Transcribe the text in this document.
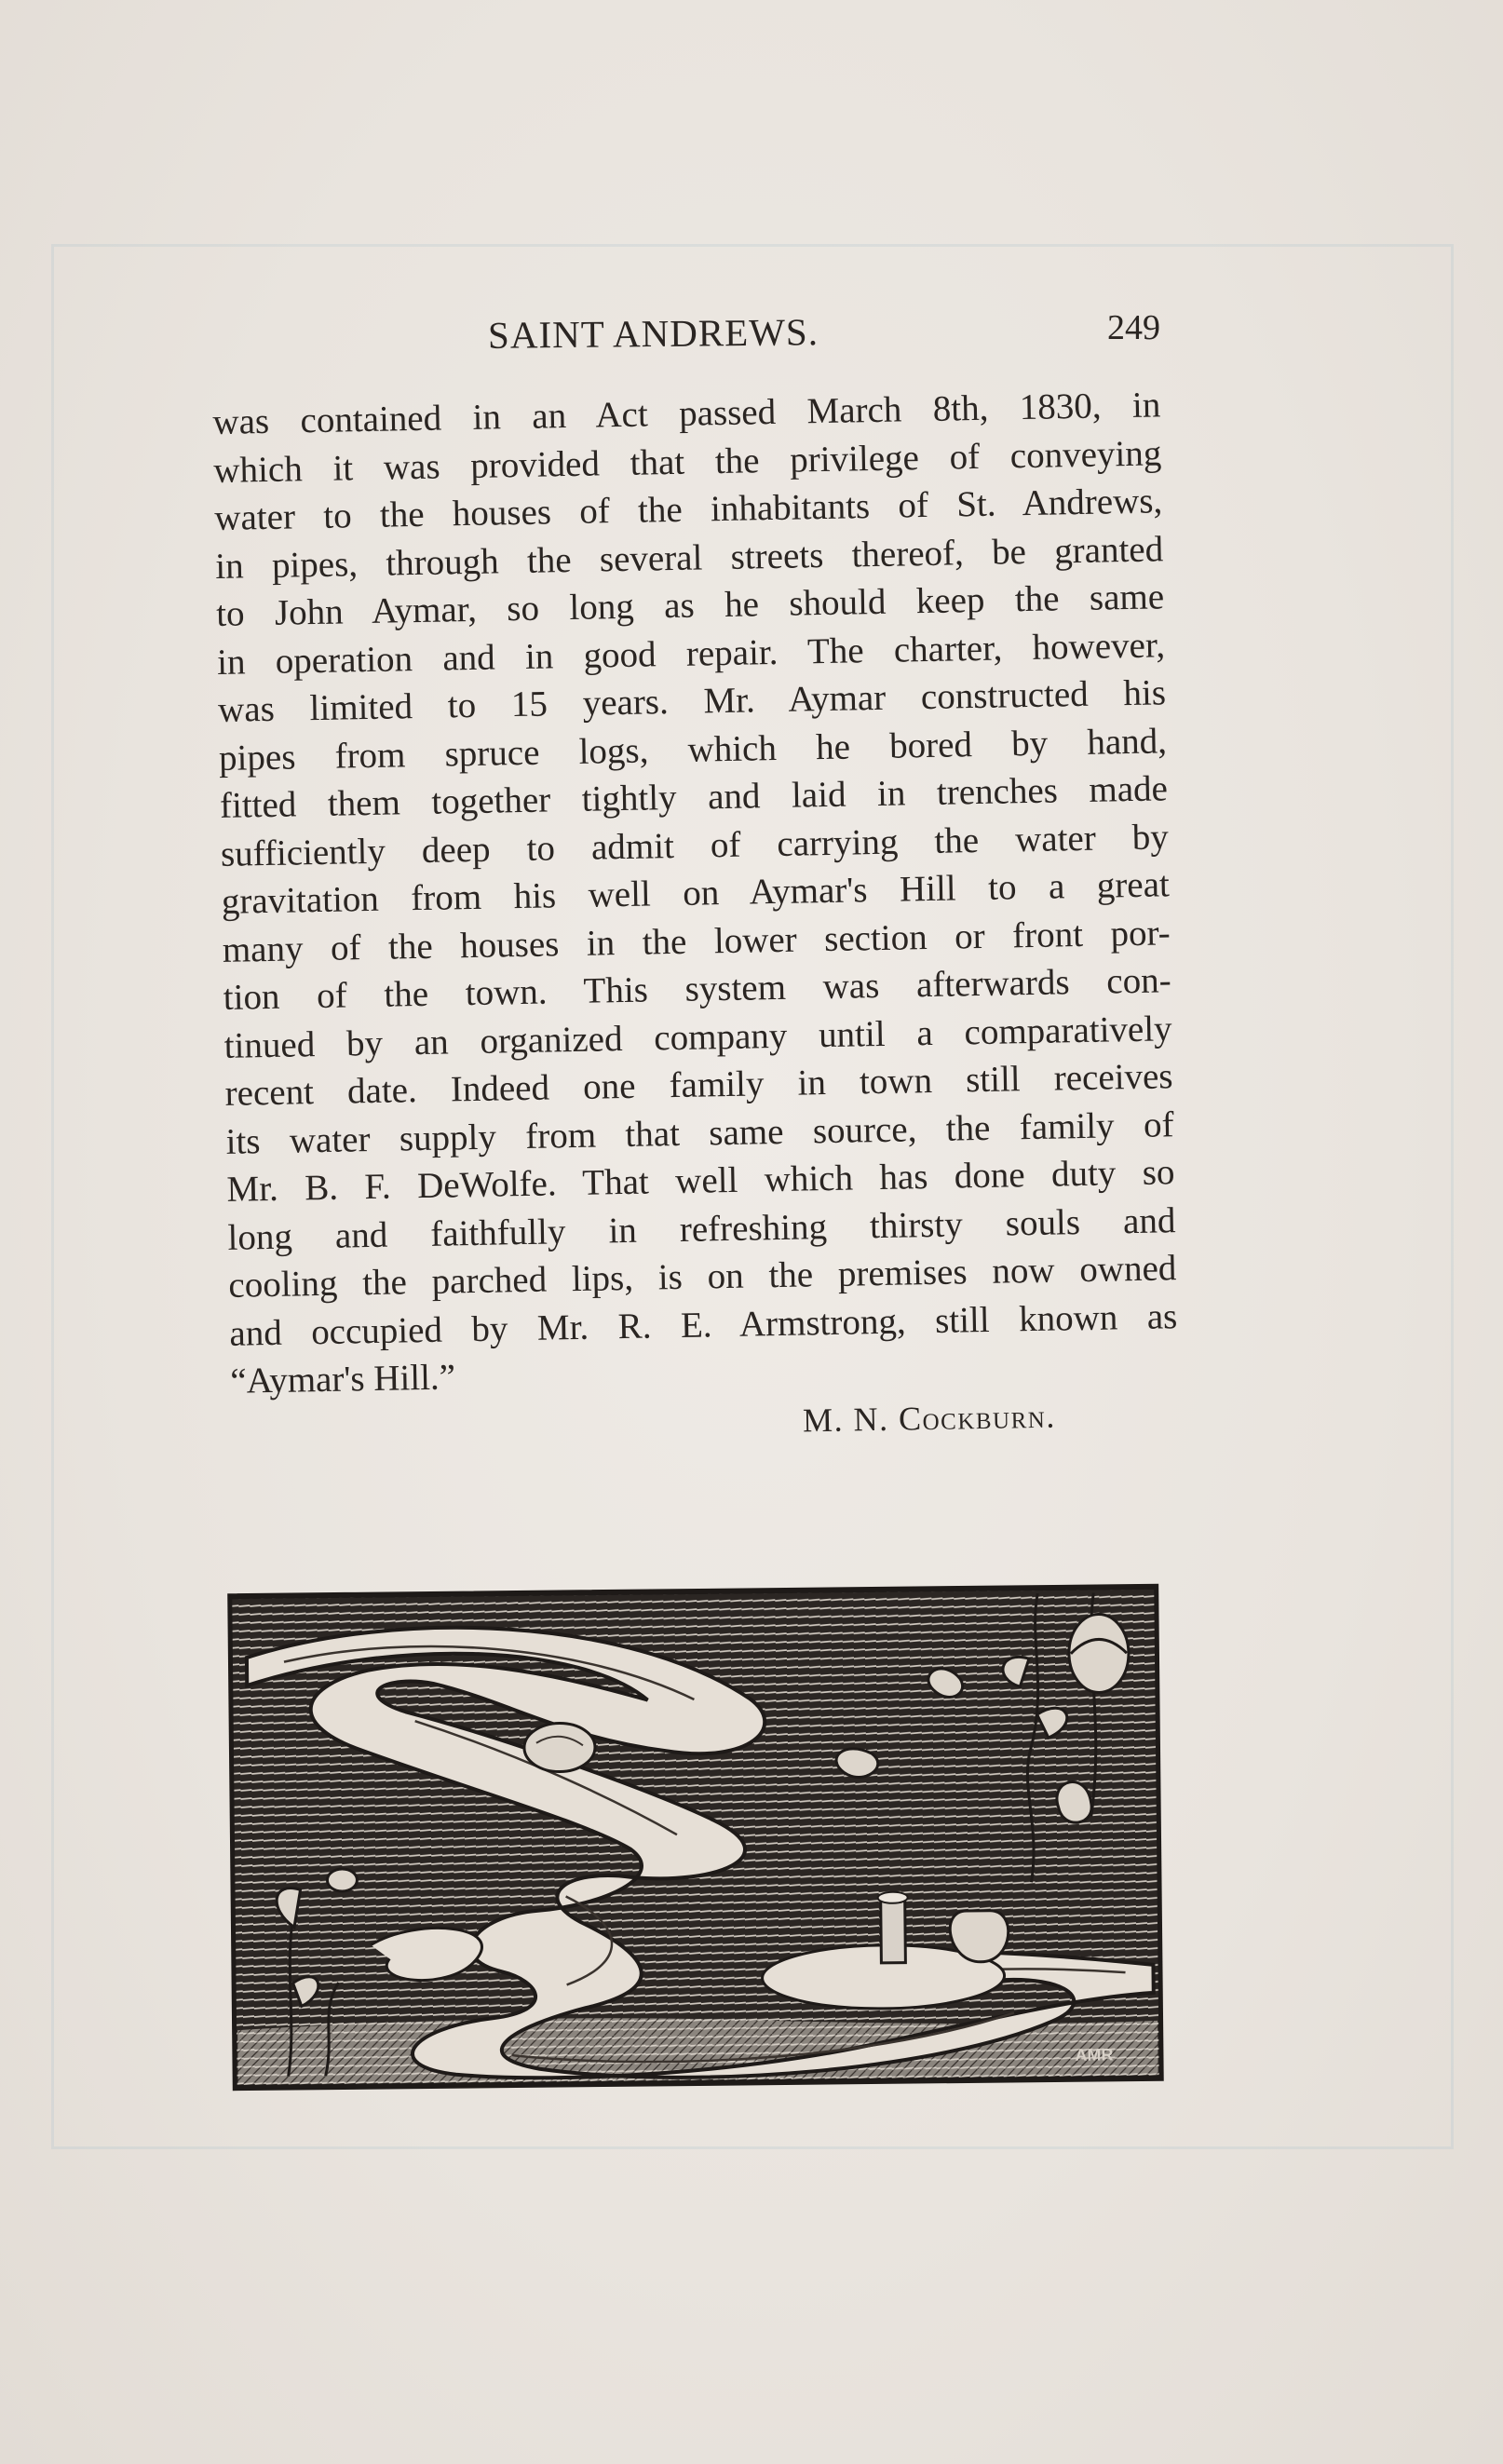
SAINT ANDREWS.	249
was contained in an Act passed March 8th, 1830, in
which it was provided that the privilege of conveying
water to the houses of the inhabitants of St. Andrews,
in pipes, through the several streets thereof, be granted
to John Aymar, so long as he should keep the same
in operation and in good repair. The charter, however,
was limited to 15 years. Mr. Aymar constructed his
pipes from spruce logs, which he bored by hand,
fitted them together tightly and laid in trenches made
sufficiently deep to admit of carrying the water by
gravitation from his well on Aymar's Hill to a great
many of the houses in the lower section or front por-
tion of the town. This system was afterwards con-
tinued by an organized company until a comparatively
recent date. Indeed one family in town still receives
its water supply from that same source, the family of
Mr. B. F. DeWolfe. That well which has done duty so
long and faithfully in refreshing thirsty souls and
cooling the parched lips, is on the premises now owned
and occupied by Mr. R. E. Armstrong, still known as
“Aymar's Hill.”
M. N. Cockburn.
AMR
